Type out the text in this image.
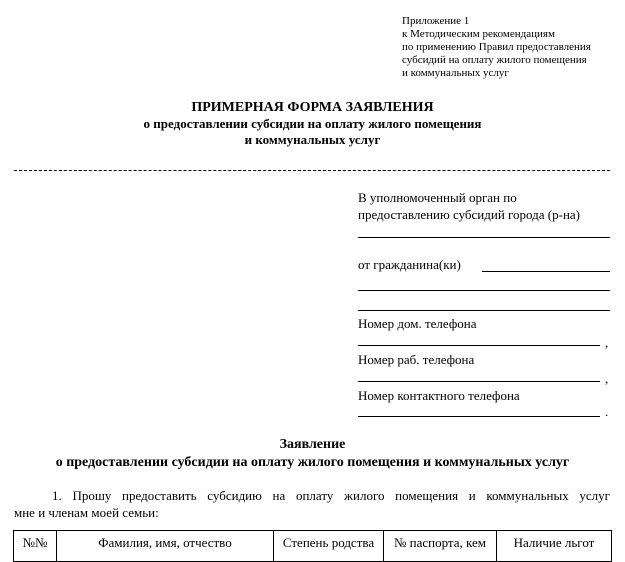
Приложение 1
к Методическим рекомендациям
по применению Правил предоставления
субсидий на оплату жилого помещения
и коммунальных услуг
ПРИМЕРНАЯ ФОРМА ЗАЯВЛЕНИЯ
о предоставлении субсидии на оплату жилого помещения
и коммунальных услуг
В уполномоченный орган по
предоставлению субсидий города (р-на)
от гражданина(ки)
Номер дом. телефона
,
Номер раб. телефона
,
Номер контактного телефона
.
Заявление
о предоставлении субсидии на оплату жилого помещения и коммунальных услуг
1. Прошу предоставить субсидию на оплату жилого помещения и коммунальных услуг
мне и членам моей семьи:
№№	Фамилия, имя, отчество	Степень родства	№ паспорта, кем	Наличие льгот
